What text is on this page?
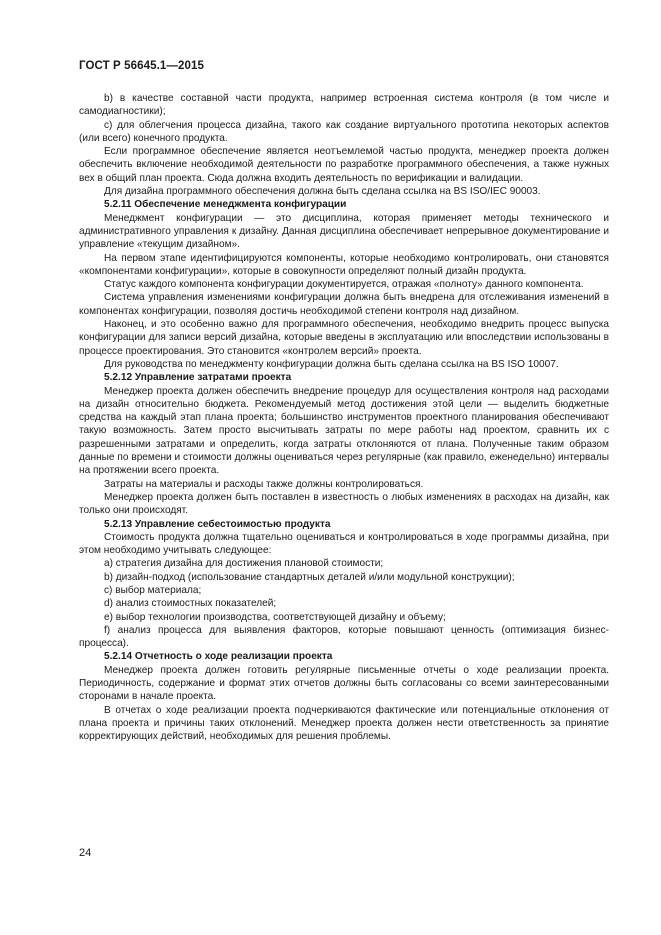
ГОСТ Р 56645.1—2015

b) в качестве составной части продукта, например встроенная система контроля (в том числе и самодиагностики);

с) для облегчения процесса дизайна, такого как создание виртуального прототипа некоторых аспектов (или всего) конечного продукта.

Если программное обеспечение является неотъемлемой частью продукта, менеджер проекта должен обеспечить включение необходимой деятельности по разработке программного обеспечения, а также нужных вех в общий план проекта. Сюда должна входить деятельность по верификации и валидации.

Для дизайна программного обеспечения должна быть сделана ссылка на BS ISO/IEC 90003.

5.2.11 Обеспечение менеджмента конфигурации

Менеджмент конфигурации — это дисциплина, которая применяет методы технического и административного управления к дизайну. Данная дисциплина обеспечивает непрерывное документирование и управление «текущим дизайном».

На первом этапе идентифицируются компоненты, которые необходимо контролировать, они становятся «компонентами конфигурации», которые в совокупности определяют полный дизайн продукта.

Статус каждого компонента конфигурации документируется, отражая «полноту» данного компонента.

Система управления изменениями конфигурации должна быть внедрена для отслеживания изменений в компонентах конфигурации, позволяя достичь необходимой степени контроля над дизайном.

Наконец, и это особенно важно для программного обеспечения, необходимо внедрить процесс выпуска конфигурации для записи версий дизайна, которые введены в эксплуатацию или впоследствии использованы в процессе проектирования. Это становится «контролем версий» проекта.

Для руководства по менеджменту конфигурации должна быть сделана ссылка на BS ISO 10007.

5.2.12 Управление затратами проекта

Менеджер проекта должен обеспечить внедрение процедур для осуществления контроля над расходами на дизайн относительно бюджета. Рекомендуемый метод достижения этой цели — выделить бюджетные средства на каждый этап плана проекта; большинство инструментов проектного планирования обеспечивают такую возможность. Затем просто высчитывать затраты по мере работы над проектом, сравнить их с разрешенными затратами и определить, когда затраты отклоняются от плана. Полученные таким образом данные по времени и стоимости должны оцениваться через регулярные (как правило, еженедельно) интервалы на протяжении всего проекта.

Затраты на материалы и расходы также должны контролироваться.

Менеджер проекта должен быть поставлен в известность о любых изменениях в расходах на дизайн, как только они происходят.

5.2.13 Управление себестоимостью продукта

Стоимость продукта должна тщательно оцениваться и контролироваться в ходе программы дизайна, при этом необходимо учитывать следующее:

a) стратегия дизайна для достижения плановой стоимости;

b) дизайн-подход (использование стандартных деталей и/или модульной конструкции);

c) выбор материала;

d) анализ стоимостных показателей;

e) выбор технологии производства, соответствующей дизайну и объему;

f) анализ процесса для выявления факторов, которые повышают ценность (оптимизация бизнес-процесса).

5.2.14 Отчетность о ходе реализации проекта

Менеджер проекта должен готовить регулярные письменные отчеты о ходе реализации проекта. Периодичность, содержание и формат этих отчетов должны быть согласованы со всеми заинтересованными сторонами в начале проекта.

В отчетах о ходе реализации проекта подчеркиваются фактические или потенциальные отклонения от плана проекта и причины таких отклонений. Менеджер проекта должен нести ответственность за принятие корректирующих действий, необходимых для решения проблемы.

24
